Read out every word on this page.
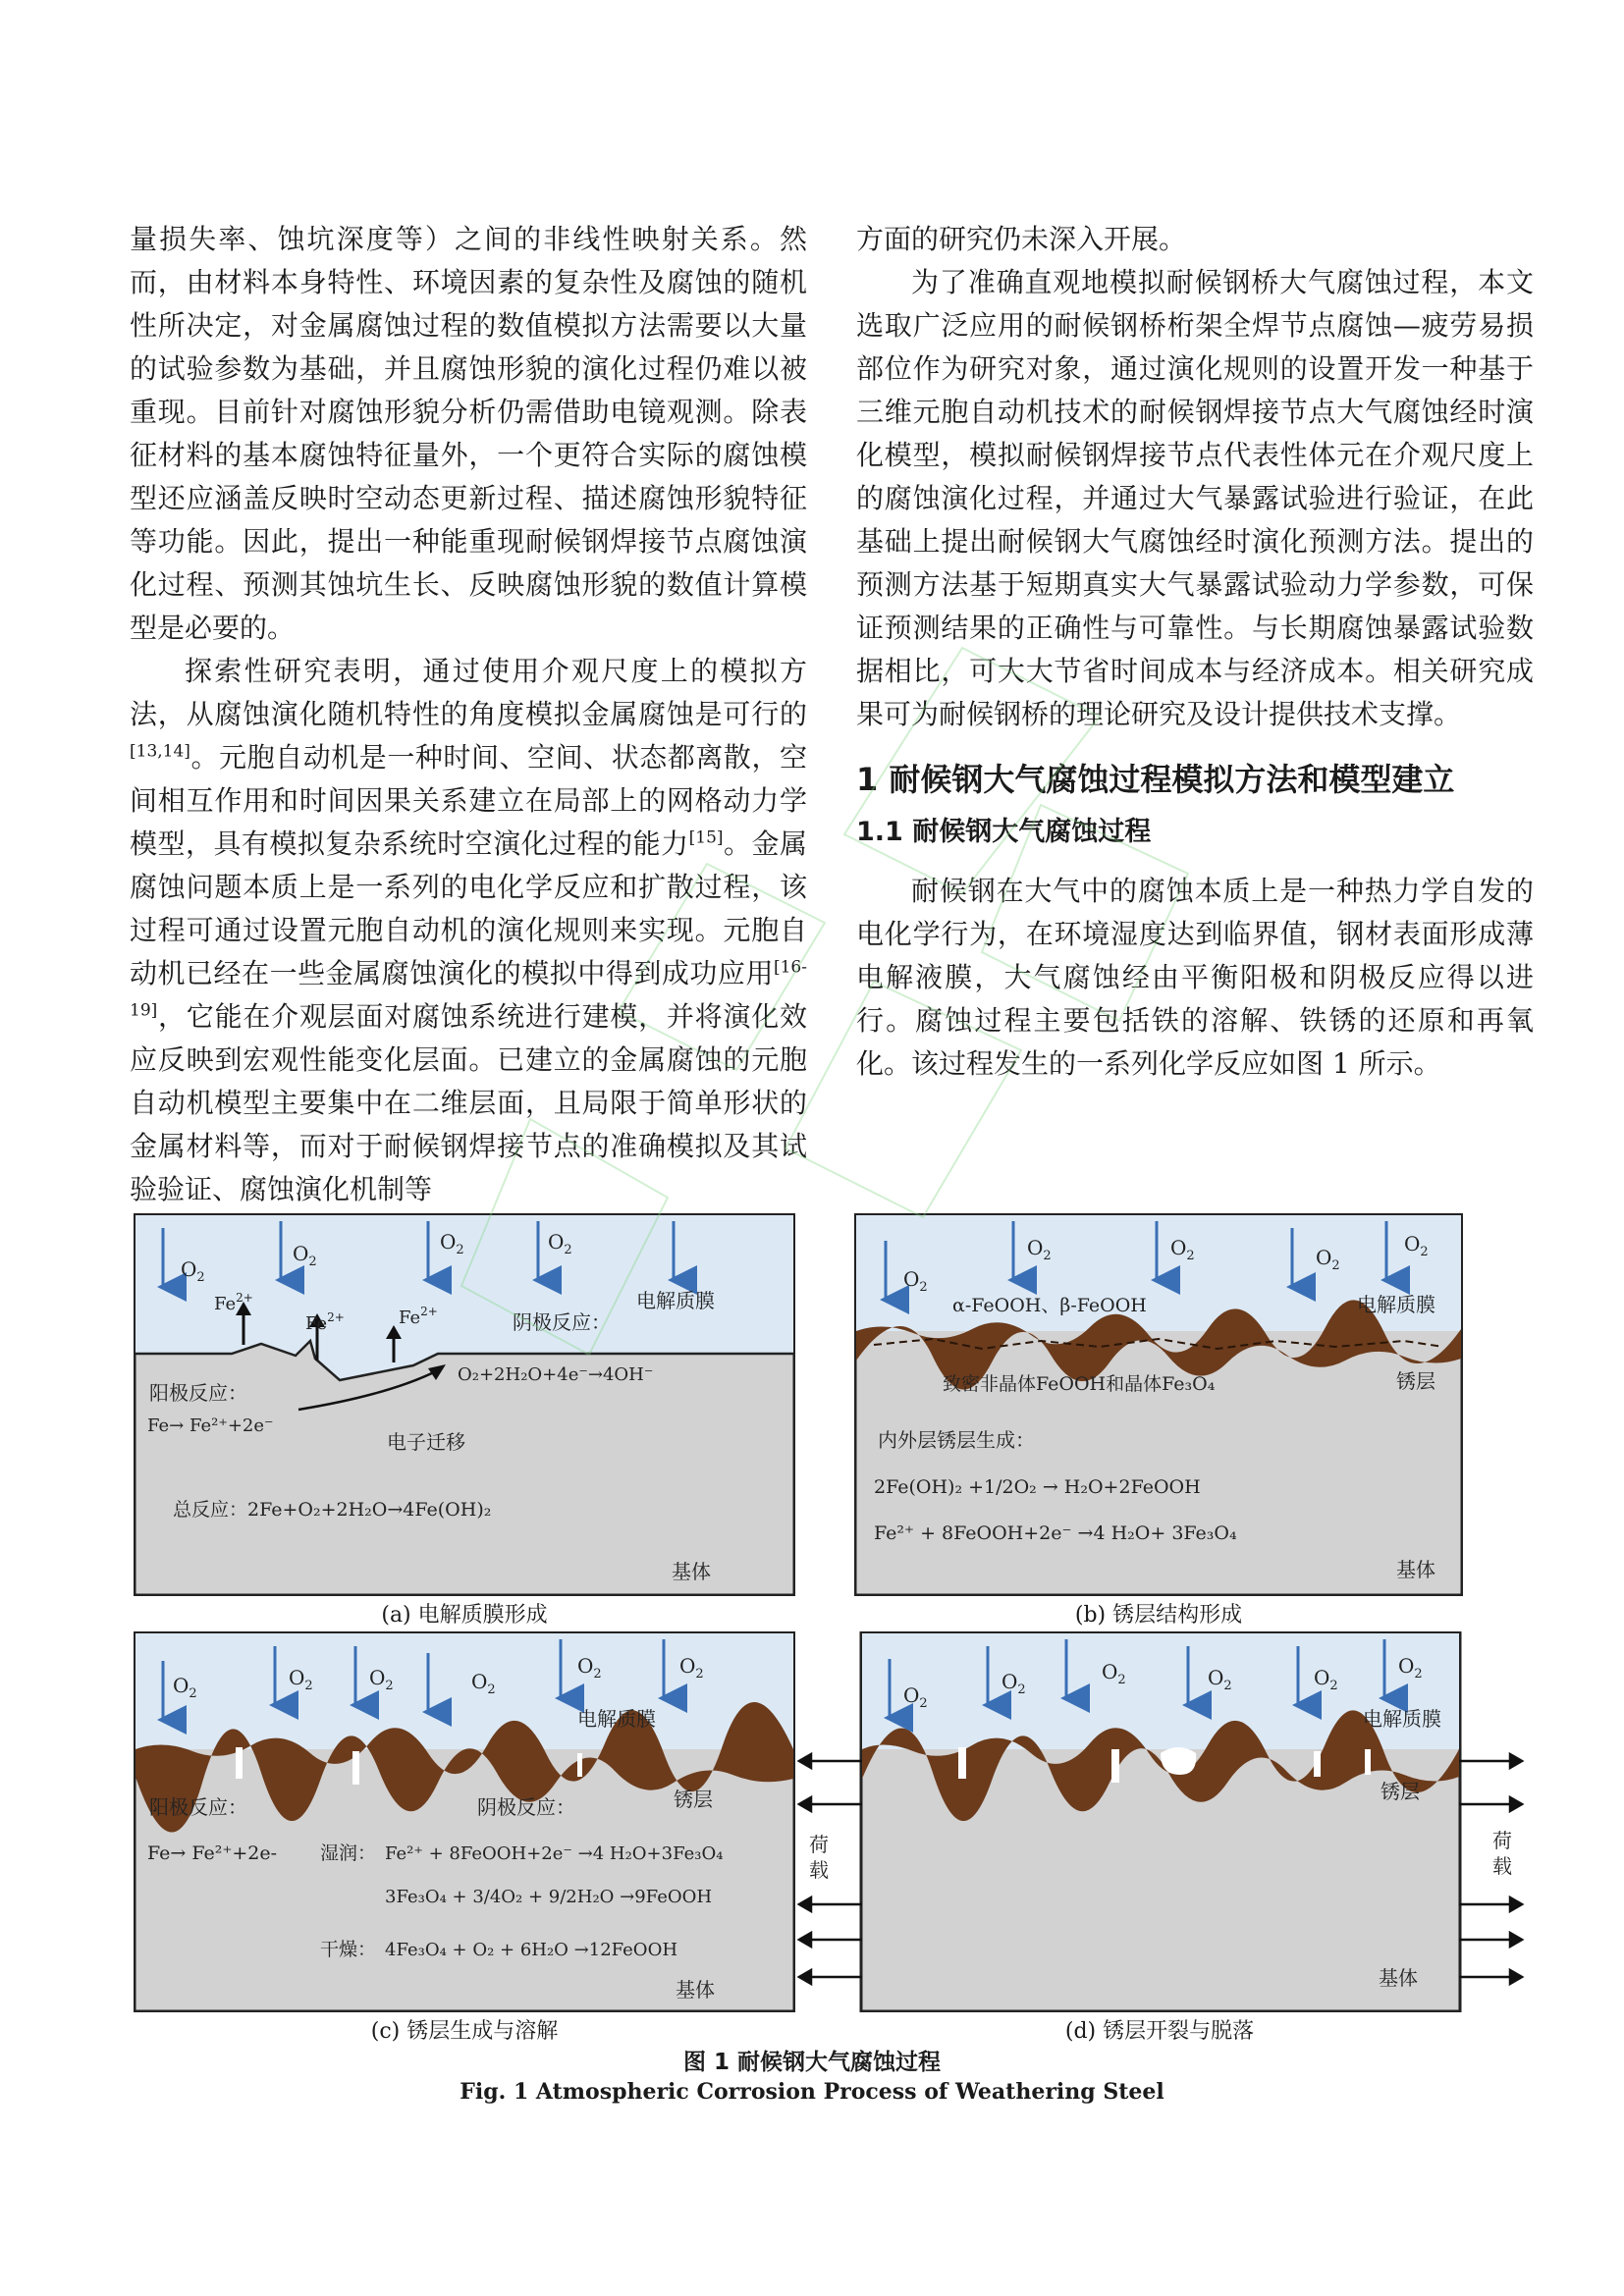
量损失率、蚀坑深度等）之间的非线性映射关系。然而，由材料本身特性、环境因素的复杂性及腐蚀的随机性所决定，对金属腐蚀过程的数值模拟方法需要以大量的试验参数为基础，并且腐蚀形貌的演化过程仍难以被重现。目前针对腐蚀形貌分析仍需借助电镜观测。除表征材料的基本腐蚀特征量外，一个更符合实际的腐蚀模型还应涵盖反映时空动态更新过程、描述腐蚀形貌特征等功能。因此，提出一种能重现耐候钢焊接节点腐蚀演化过程、预测其蚀坑生长、反映腐蚀形貌的数值计算模型是必要的。

探索性研究表明，通过使用介观尺度上的模拟方法，从腐蚀演化随机特性的角度模拟金属腐蚀是可行的[13,14]。元胞自动机是一种时间、空间、状态都离散，空间相互作用和时间因果关系建立在局部上的网格动力学模型，具有模拟复杂系统时空演化过程的能力[15]。金属腐蚀问题本质上是一系列的电化学反应和扩散过程，该过程可通过设置元胞自动机的演化规则来实现。元胞自动机已经在一些金属腐蚀演化的模拟中得到成功应用[16-19]，它能在介观层面对腐蚀系统进行建模，并将演化效应反映到宏观性能变化层面。已建立的金属腐蚀的元胞自动机模型主要集中在二维层面，且局限于简单形状的金属材料等，而对于耐候钢焊接节点的准确模拟及其试验验证、腐蚀演化机制等

方面的研究仍未深入开展。

为了准确直观地模拟耐候钢桥大气腐蚀过程，本文选取广泛应用的耐候钢桥桁架全焊节点腐蚀—疲劳易损部位作为研究对象，通过演化规则的设置开发一种基于三维元胞自动机技术的耐候钢焊接节点大气腐蚀经时演化模型，模拟耐候钢焊接节点代表性体元在介观尺度上的腐蚀演化过程，并通过大气暴露试验进行验证，在此基础上提出耐候钢大气腐蚀经时演化预测方法。提出的预测方法基于短期真实大气暴露试验动力学参数，可保证预测结果的正确性与可靠性。与长期腐蚀暴露试验数据相比，可大大节省时间成本与经济成本。相关研究成果可为耐候钢桥的理论研究及设计提供技术支撑。

1 耐候钢大气腐蚀过程模拟方法和模型建立
1.1 耐候钢大气腐蚀过程

耐候钢在大气中的腐蚀本质上是一种热力学自发的电化学行为，在环境湿度达到临界值，钢材表面形成薄电解液膜，大气腐蚀经由平衡阳极和阴极反应得以进行。腐蚀过程主要包括铁的溶解、铁锈的还原和再氧化。该过程发生的一系列化学反应如图 1 所示。

$O_2$
$O_2$
$O_2$	$O_2$
电解质膜
$Fe^{2+}$
$Fe^{2+}$	$Fe^{2+}$	阴极反应：
O₂+2H₂O+4e⁻→4OH⁻
阳极反应：
Fe→ Fe²⁺+2e⁻
电子迁移
总反应：2Fe+O₂+2H₂O→4Fe(OH)₂
基体
(a) 电解质膜形成
$O_2$
$O_2$	$O_2$	$O_2$
$O_2$
α-FeOOH、β-FeOOH	电解质膜
致密非晶体FeOOH和晶体Fe₃O₄	锈层
内外层锈层生成：
2Fe(OH)₂ +1/2O₂ → H₂O+2FeOOH
Fe²⁺ + 8FeOOH+2e⁻ →4 H₂O+ 3Fe₃O₄
基体
(b) 锈层结构形成
$O_2$
$O_2$	$O_2$	$O_2$
$O_2$	$O_2$
电解质膜
锈层
阳极反应：	阴极反应：
Fe→ Fe²⁺+2e- 湿润： Fe²⁺ + 8FeOOH+2e⁻ →4 H₂O+3Fe₃O₄
3Fe₃O₄ + 3/4O₂ + 9/2H₂O →9FeOOH
干燥： 4Fe₃O₄ + O₂ + 6H₂O →12FeOOH
基体
(c) 锈层生成与溶解
$O_2$
$O_2$
$O_2$	$O_2$	$O_2$
$O_2$
电解质膜
锈层
基体
荷
载
荷
载
(d) 锈层开裂与脱落
图 1 耐候钢大气腐蚀过程
Fig. 1 Atmospheric Corrosion Process of Weathering Steel
